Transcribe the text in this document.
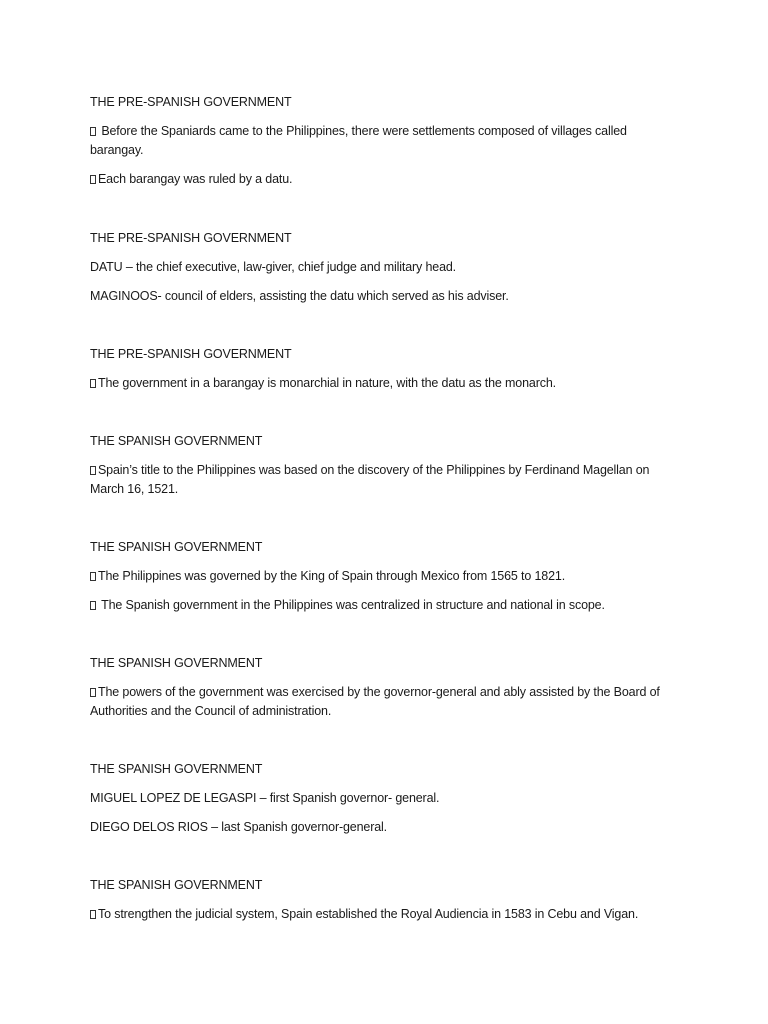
THE PRE-SPANISH GOVERNMENT

Before the Spaniards came to the Philippines, there were settlements composed of villages called barangay.

Each barangay was ruled by a datu.

THE PRE-SPANISH GOVERNMENT

DATU – the chief executive, law-giver, chief judge and military head.

MAGINOOS- council of elders, assisting the datu which served as his adviser.

THE PRE-SPANISH GOVERNMENT

The government in a barangay is monarchial in nature, with the datu as the monarch.

THE SPANISH GOVERNMENT

Spain’s title to the Philippines was based on the discovery of the Philippines by Ferdinand Magellan on March 16, 1521.

THE SPANISH GOVERNMENT

The Philippines was governed by the King of Spain through Mexico from 1565 to 1821.

The Spanish government in the Philippines was centralized in structure and national in scope.

THE SPANISH GOVERNMENT

The powers of the government was exercised by the governor-general and ably assisted by the Board of Authorities and the Council of administration.

THE SPANISH GOVERNMENT

MIGUEL LOPEZ DE LEGASPI – first Spanish governor- general.

DIEGO DELOS RIOS – last Spanish governor-general.

THE SPANISH GOVERNMENT

To strengthen the judicial system, Spain established the Royal Audiencia in 1583 in Cebu and Vigan.
